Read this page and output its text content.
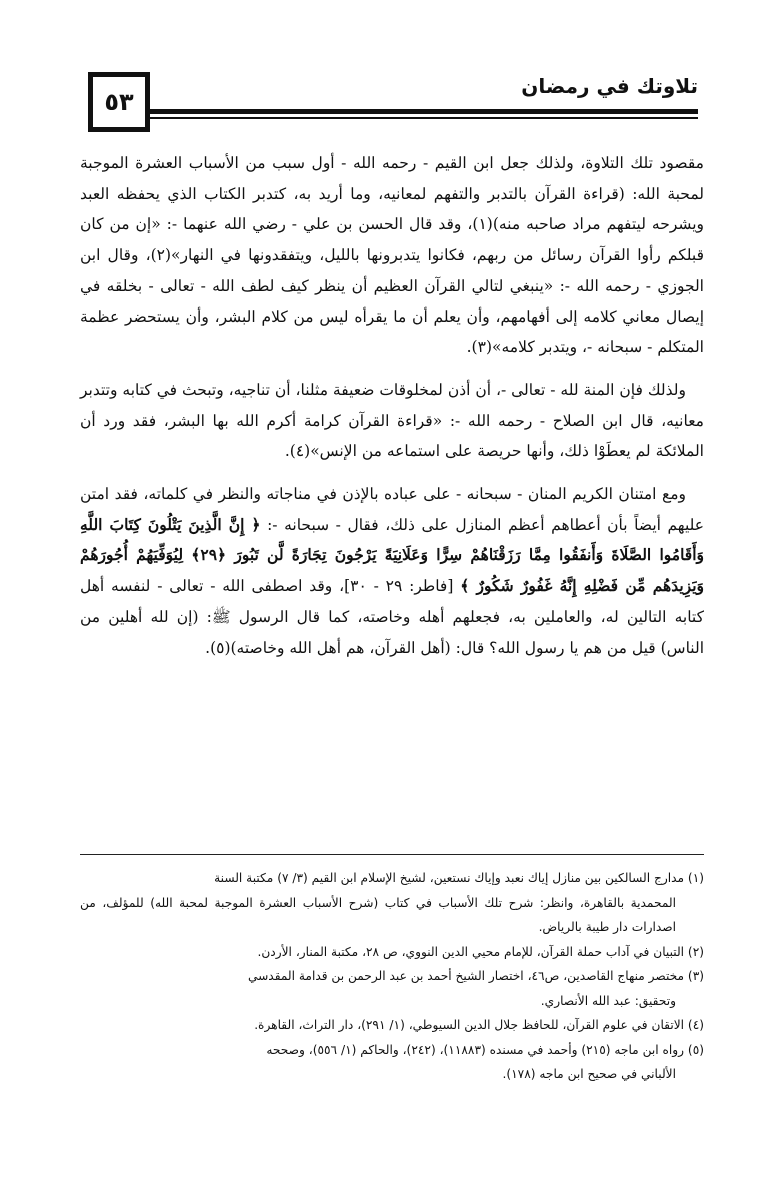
٥٣
تلاوتك في رمضان

مقصود تلك التلاوة، ولذلك جعل ابن القيم - رحمه الله - أول سبب من الأسباب العشرة الموجبة لمحبة الله: (قراءة القرآن بالتدبر والتفهم لمعانيه، وما أريد به، كتدبر الكتاب الذي يحفظه العبد ويشرحه ليتفهم مراد صاحبه منه)(١)، وقد قال الحسن بن علي - رضي الله عنهما -: «إن من كان قبلكم رأوا القرآن رسائل من ربهم، فكانوا يتدبرونها بالليل، ويتفقدونها في النهار»(٢)، وقال ابن الجوزي - رحمه الله -: «ينبغي لتالي القرآن العظيم أن ينظر كيف لطف الله - تعالى - بخلقه في إيصال معاني كلامه إلى أفهامهم، وأن يعلم أن ما يقرأه ليس من كلام البشر، وأن يستحضر عظمة المتكلم - سبحانه -، ويتدبر كلامه»(٣).

ولذلك فإن المنة لله - تعالى -، أن أذن لمخلوقات ضعيفة مثلنا، أن تناجيه، وتبحث في كتابه وتتدبر معانيه، قال ابن الصلاح - رحمه الله -: «قراءة القرآن كرامة أكرم الله بها البشر، فقد ورد أن الملائكة لم يعطَوْا ذلك، وأنها حريصة على استماعه من الإنس»(٤).

ومع امتنان الكريم المنان - سبحانه - على عباده بالإذن في مناجاته والنظر في كلماته، فقد امتن عليهم أيضاً بأن أعطاهم أعظم المنازل على ذلك، فقال - سبحانه -: ﴿ إِنَّ الَّذِينَ يَتْلُونَ كِتَابَ اللَّهِ وَأَقَامُوا الصَّلَاةَ وَأَنفَقُوا مِمَّا رَزَقْنَاهُمْ سِرًّا وَعَلَانِيَةً يَرْجُونَ تِجَارَةً لَّن تَبُورَ ﴿٢٩﴾ لِيُوَفِّيَهُمْ أُجُورَهُمْ وَيَزِيدَهُم مِّن فَضْلِهِ إِنَّهُ غَفُورٌ شَكُورٌ ﴾ [فاطر: ٢٩ - ٣٠]، وقد اصطفى الله - تعالى - لنفسه أهل كتابه التالين له، والعاملين به، فجعلهم أهله وخاصته، كما قال الرسول ﷺ: (إن لله أهلين من الناس) قيل من هم يا رسول الله؟ قال: (أهل القرآن، هم أهل الله وخاصته)(٥).

(١) مدارج السالكين بين منازل إياك نعبد وإياك نستعين، لشيخ الإسلام ابن القيم (٣/ ٧) مكتبة السنة
المحمدية بالقاهرة، وانظر: شرح تلك الأسباب في كتاب (شرح الأسباب العشرة الموجبة لمحبة الله) للمؤلف، من اصدارات دار طيبة بالرياض.

(٢) التبيان في آداب حملة القرآن، للإمام محيي الدين النووي، ص ٢٨، مكتبة المنار، الأردن.

(٣) مختصر منهاج القاصدين، ص٤٦، اختصار الشيخ أحمد بن عبد الرحمن بن قدامة المقدسي
وتحقيق: عبد الله الأنصاري.

(٤) الاتقان في علوم القرآن، للحافظ جلال الدين السيوطي، (١/ ٢٩١)، دار التراث، القاهرة.

(٥) رواه ابن ماجه (٢١٥) وأحمد في مسنده (١١٨٨٣)، (٢٤٢)، والحاكم (١/ ٥٥٦)، وصححه
الألباني في صحيح ابن ماجه (١٧٨).
